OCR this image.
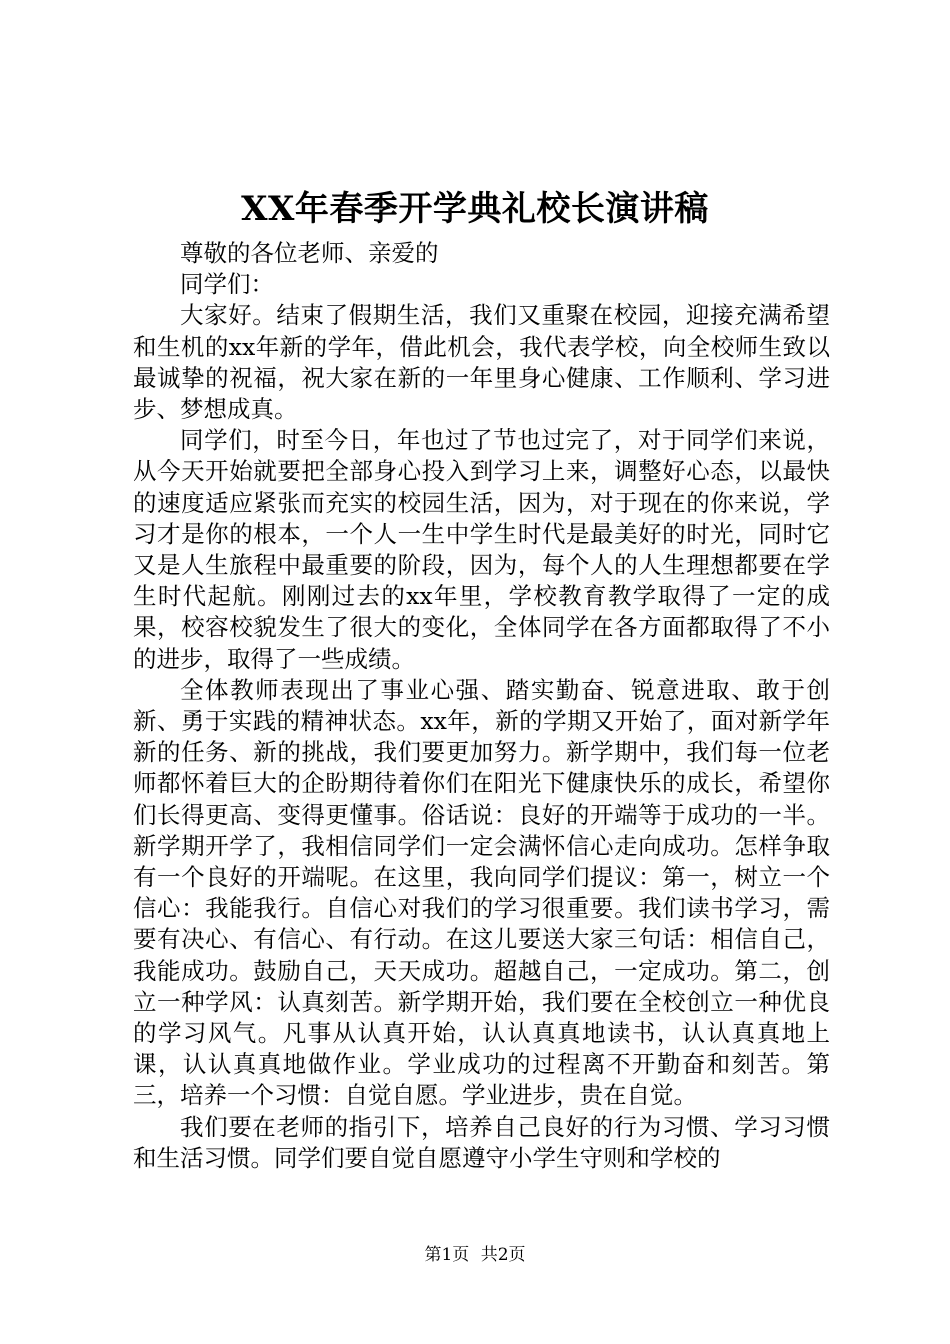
XX年春季开学典礼校长演讲稿

尊敬的各位老师、亲爱的

同学们：

大家好。结束了假期生活，我们又重聚在校园，迎接充满希望和生机的xx年新的学年，借此机会，我代表学校，向全校师生致以最诚挚的祝福，祝大家在新的一年里身心健康、工作顺利、学习进步、梦想成真。

同学们，时至今日，年也过了节也过完了，对于同学们来说，从今天开始就要把全部身心投入到学习上来，调整好心态，以最快的速度适应紧张而充实的校园生活，因为，对于现在的你来说，学习才是你的根本，一个人一生中学生时代是最美好的时光，同时它又是人生旅程中最重要的阶段，因为，每个人的人生理想都要在学生时代起航。刚刚过去的xx年里，学校教育教学取得了一定的成果，校容校貌发生了很大的变化，全体同学在各方面都取得了不小的进步，取得了一些成绩。

全体教师表现出了事业心强、踏实勤奋、锐意进取、敢于创新、勇于实践的精神状态。xx年，新的学期又开始了，面对新学年新的任务、新的挑战，我们要更加努力。新学期中，我们每一位老师都怀着巨大的企盼期待着你们在阳光下健康快乐的成长，希望你们长得更高、变得更懂事。俗话说：良好的开端等于成功的一半。新学期开学了，我相信同学们一定会满怀信心走向成功。怎样争取有一个良好的开端呢。在这里，我向同学们提议：第一，树立一个信心：我能我行。自信心对我们的学习很重要。我们读书学习，需要有决心、有信心、有行动。在这儿要送大家三句话：相信自己，我能成功。鼓励自己，天天成功。超越自己，一定成功。第二，创立一种学风：认真刻苦。新学期开始，我们要在全校创立一种优良的学习风气。凡事从认真开始，认认真真地读书，认认真真地上课，认认真真地做作业。学业成功的过程离不开勤奋和刻苦。第三，培养一个习惯：自觉自愿。学业进步，贵在自觉。

我们要在老师的指引下，培养自己良好的行为习惯、学习习惯和生活习惯。同学们要自觉自愿遵守小学生守则和学校的

第1页 共2页
